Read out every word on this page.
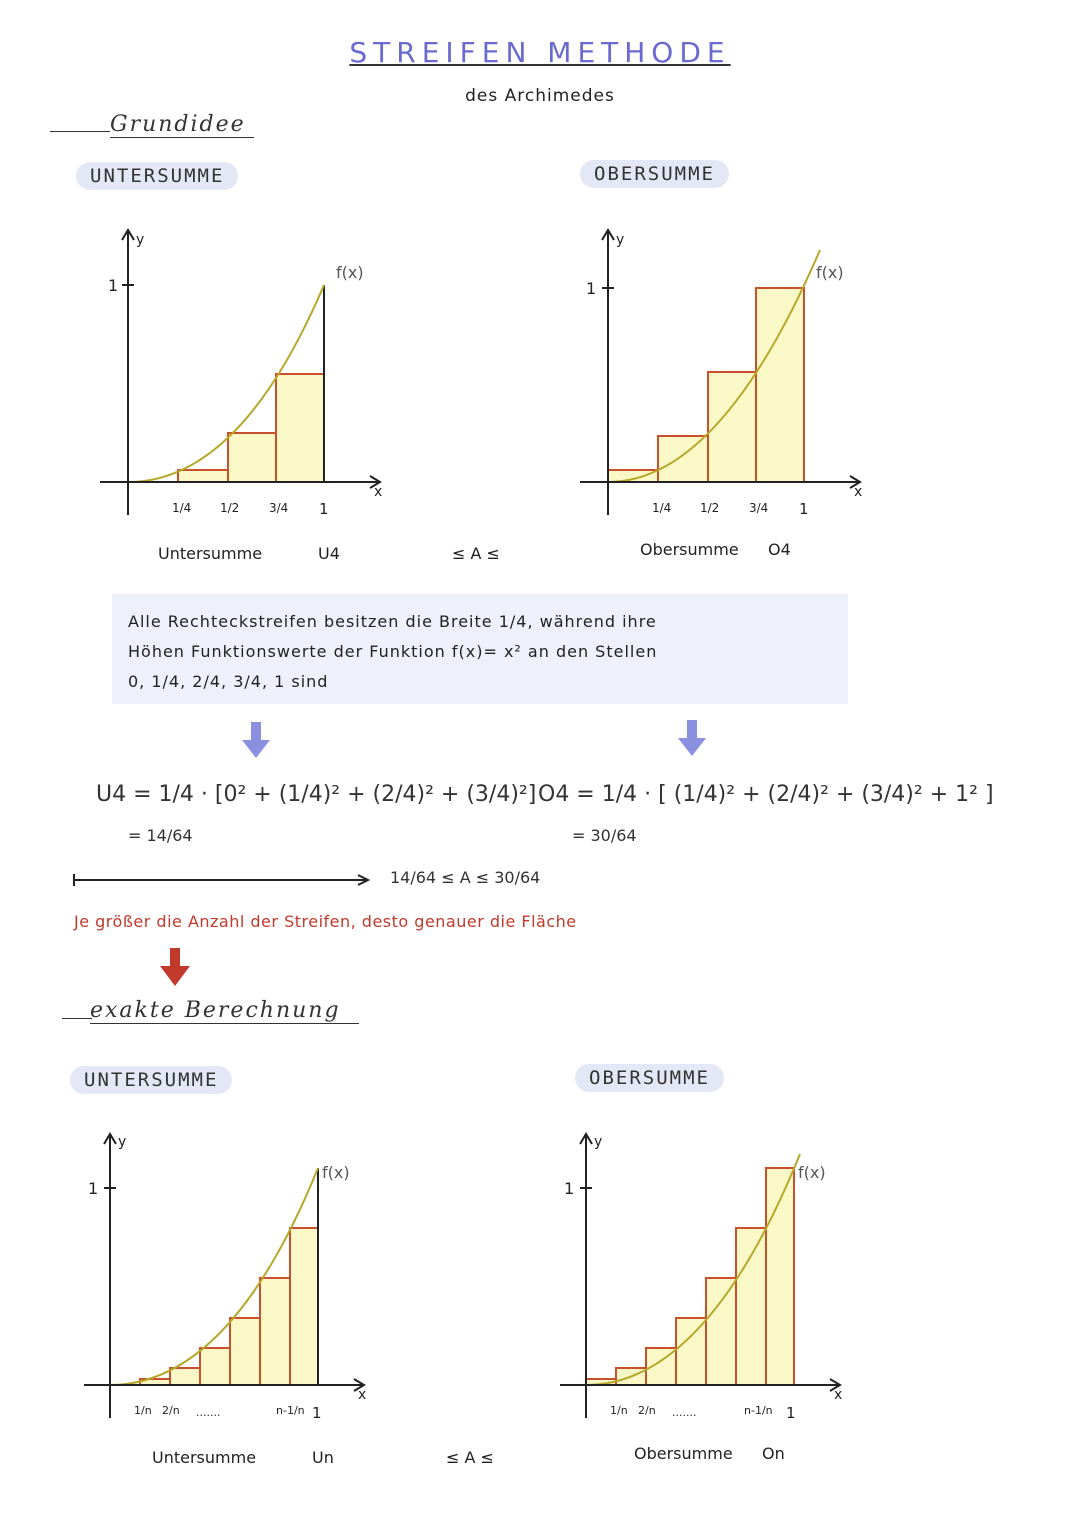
STREIFEN METHODE
des Archimedes
Grundidee
UNTERSUMME	OBERSUMME
1
y
x
f(x)
1/4 1/2 3/4 1
1
y
x
f(x)
1/4 1/2 3/4 1
Untersumme	U4	≤ A ≤	Obersumme O4
Alle Rechteckstreifen besitzen die Breite 1/4, während ihre
Höhen Funktionswerte der Funktion f(x)= x² an den Stellen
0, 1/4, 2/4, 3/4, 1 sind
U4 = 1/4 · [0² + (1/4)² + (2/4)² + (3/4)²]
= 14/64
O4 = 1/4 · [ (1/4)² + (2/4)² + (3/4)² + 1² ]
= 30/64
14/64 ≤ A ≤ 30/64
Je größer die Anzahl der Streifen, desto genauer die Fläche
exakte Berechnung
UNTERSUMME	OBERSUMME
1
y
x
f(x)
1/n 2/n .......	n-1/n 1
1
y
x
f(x)
1/n 2/n .......	n-1/n 1
Untersumme	Un	≤ A ≤	Obersumme On
